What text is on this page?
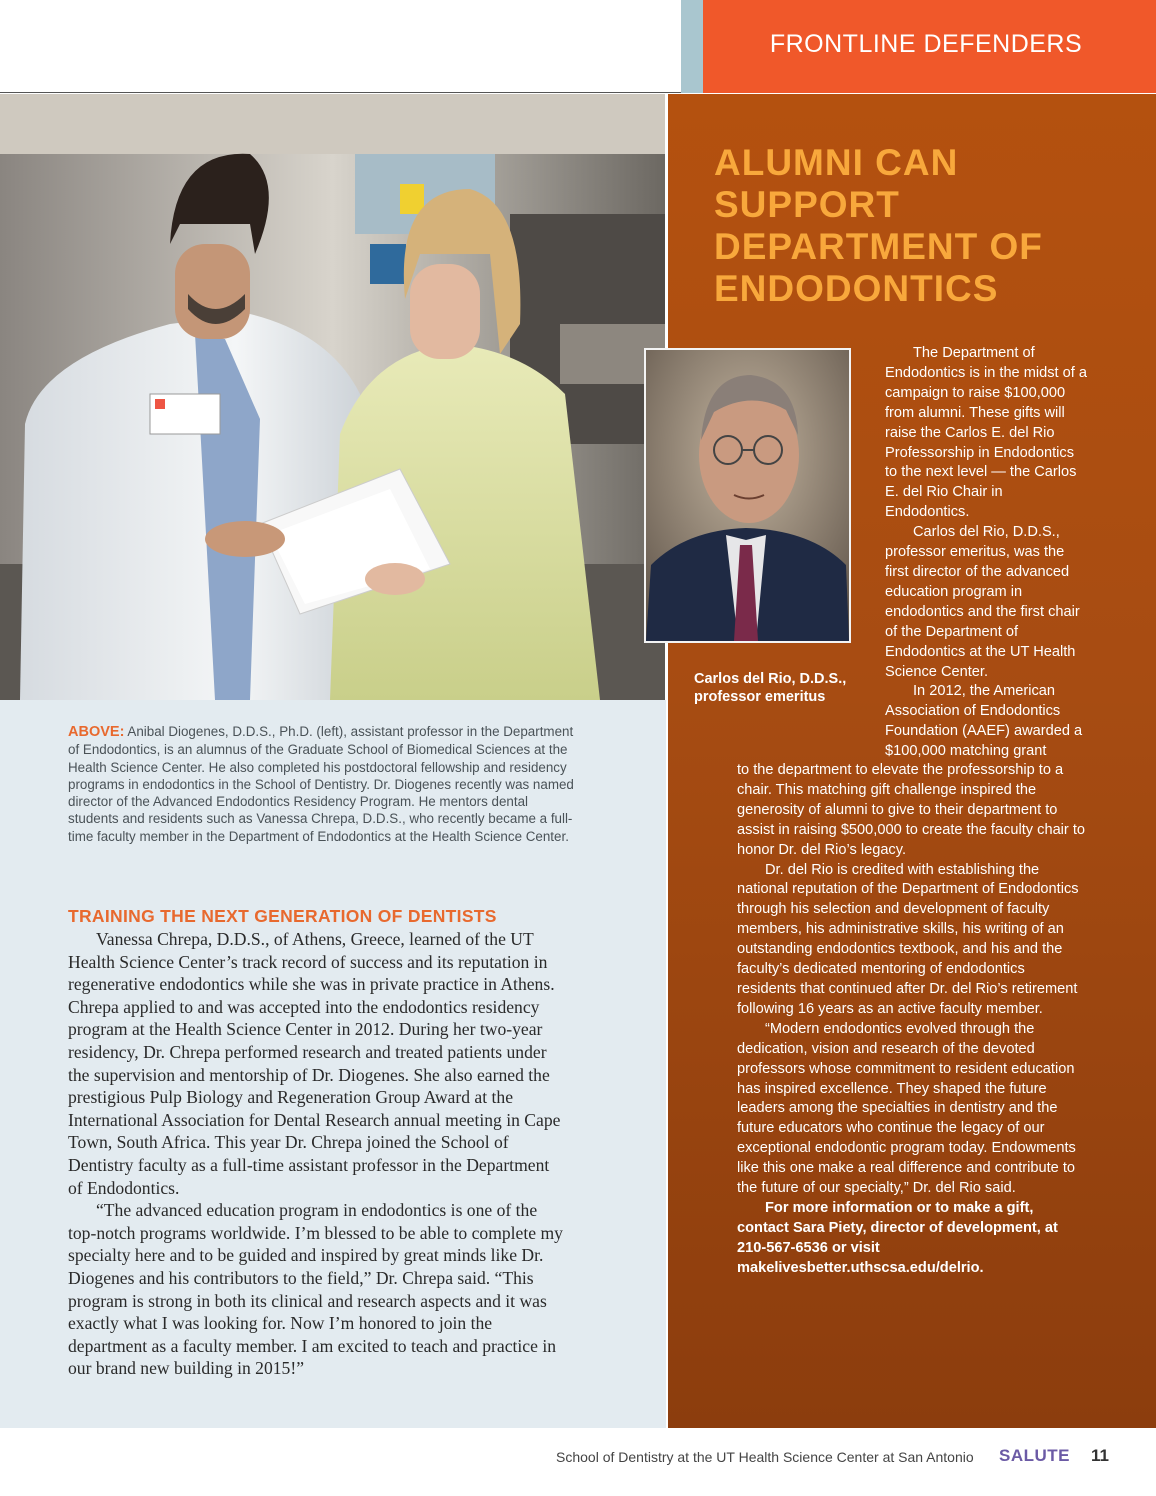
FRONTLINE DEFENDERS
ABOVE: Anibal Diogenes, D.D.S., Ph.D. (left), assistant professor in the Department of Endodontics, is an alumnus of the Graduate School of Biomedical Sciences at the Health Science Center. He also completed his postdoctoral fellowship and residency programs in endodontics in the School of Dentistry. Dr. Diogenes recently was named director of the Advanced Endodontics Residency Program. He mentors dental students and residents such as Vanessa Chrepa, D.D.S., who recently became a full-time faculty member in the Department of Endodontics at the Health Science Center.
TRAINING THE NEXT GENERATION OF DENTISTS

Vanessa Chrepa, D.D.S., of Athens, Greece, learned of the UT Health Science Center’s track record of success and its reputation in regenerative endodontics while she was in private practice in Athens. Chrepa applied to and was accepted into the endodontics residency program at the Health Science Center in 2012. During her two-year residency, Dr. Chrepa performed research and treated patients under the supervision and mentorship of Dr. Diogenes. She also earned the prestigious Pulp Biology and Regeneration Group Award at the International Association for Dental Research annual meeting in Cape Town, South Africa. This year Dr. Chrepa joined the School of Dentistry faculty as a full-time assistant professor in the Department of Endodontics.

“The advanced education program in endodontics is one of the top-notch programs worldwide. I’m blessed to be able to complete my specialty here and to be guided and inspired by great minds like Dr. Diogenes and his contributors to the field,” Dr. Chrepa said. “This program is strong in both its clinical and research aspects and it was exactly what I was looking for. Now I’m honored to join the department as a faculty member. I am excited to teach and practice in our brand new building in 2015!”

ALUMNI CAN
SUPPORT
DEPARTMENT OF
ENDODONTICS
Carlos del Rio, D.D.S.,
professor emeritus

The Department of Endodontics is in the midst of a campaign to raise $100,000 from alumni. These gifts will raise the Carlos E. del Rio Professorship in Endodontics to the next level — the Carlos E. del Rio Chair in Endodontics.

Carlos del Rio, D.D.S., professor emeritus, was the first director of the advanced education program in endodontics and the first chair of the Department of Endodontics at the UT Health Science Center.

In 2012, the American Association of Endodontics Foundation (AAEF) awarded a $100,000 matching grant

to the department to elevate the professorship to a chair. This matching gift challenge inspired the generosity of alumni to give to their department to assist in raising $500,000 to create the faculty chair to honor Dr. del Rio’s legacy.

Dr. del Rio is credited with establishing the national reputation of the Department of Endodontics through his selection and development of faculty members, his administrative skills, his writing of an outstanding endodontics textbook, and his and the faculty’s dedicated mentoring of endodontics residents that continued after Dr. del Rio’s retirement following 16 years as an active faculty member.

“Modern endodontics evolved through the dedication, vision and research of the devoted professors whose commitment to resident education has inspired excellence. They shaped the future leaders among the specialties in dentistry and the future educators who continue the legacy of our exceptional endodontic program today. Endowments like this one make a real difference and contribute to the future of our specialty,” Dr. del Rio said.

For more information or to make a gift, contact Sara Piety, director of development, at 210-567-6536 or visit makelivesbetter.uthscsa.edu/delrio.

School of Dentistry at the UT Health Science Center at San Antonio SALUTE 11
